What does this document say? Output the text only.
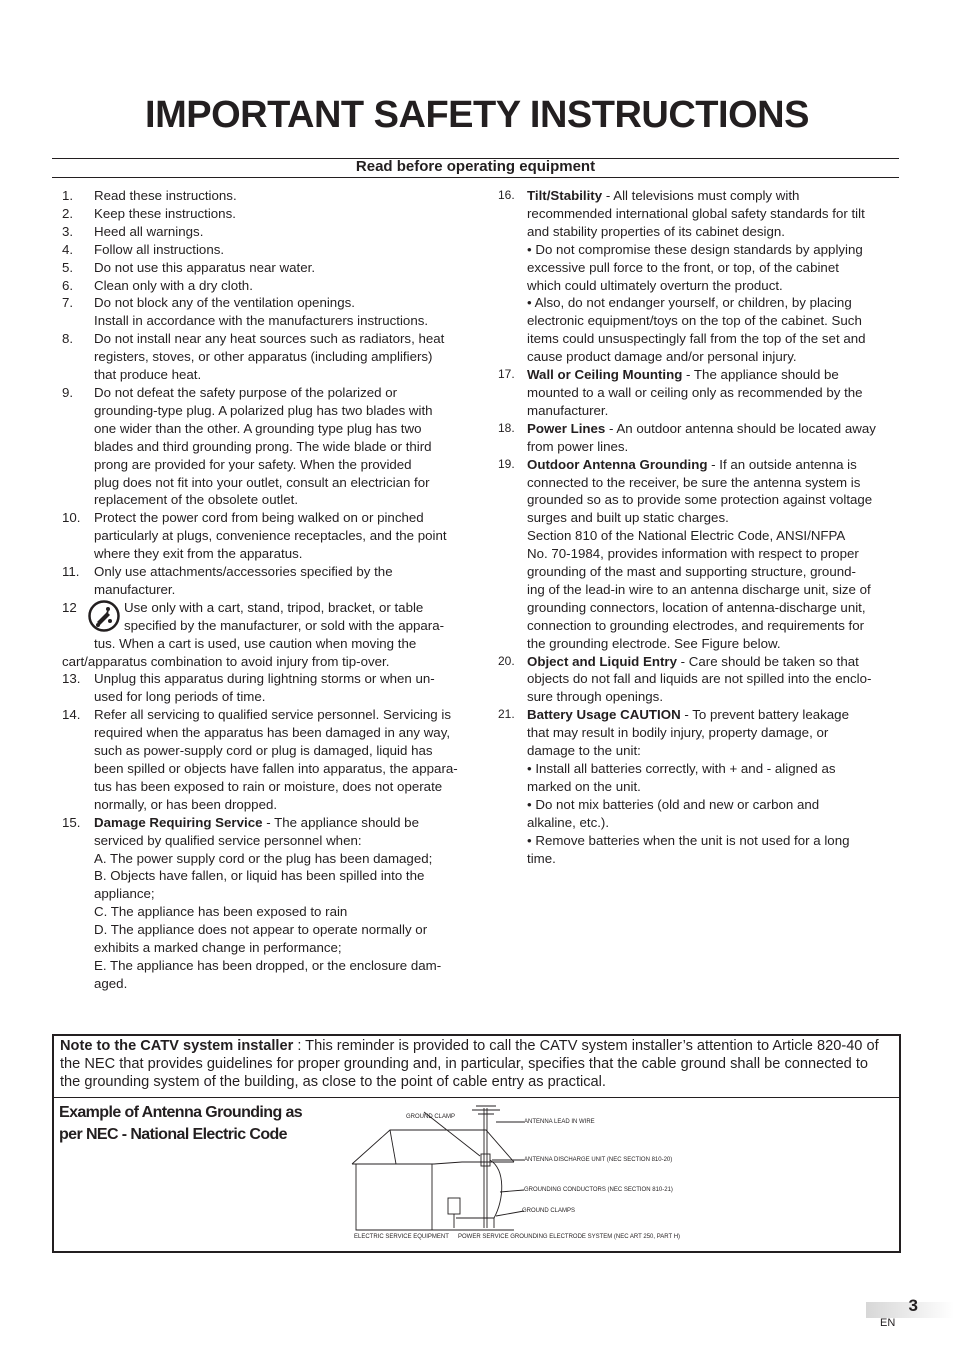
IMPORTANT SAFETY INSTRUCTIONS
Read before operating equipment
1.	Read these instructions.
2.	Keep these instructions.
3.	Heed all warnings.
4.	Follow all instructions.
5.	Do not use this apparatus near water.
6.	Clean only with a dry cloth.
7.	Do not block any of the ventilation openings.
Install in accordance with the manufacturers instructions.
8.	Do not install near any heat sources such as radiators, heat
registers, stoves, or other apparatus (including amplifiers)
that produce heat.
9.	Do not defeat the safety purpose of the polarized or
grounding-type plug. A polarized plug has two blades with
one wider than the other. A grounding type plug has two
blades and third grounding prong. The wide blade or third
prong are provided for your safety. When the provided
plug does not fit into your outlet, consult an electrician for
replacement of the obsolete outlet.
10.	Protect the power cord from being walked on or pinched
particularly at plugs, convenience receptacles, and the point
where they exit from the apparatus.
11.	Only use attachments/accessories specified by the
manufacturer.
12	Use only with a cart, stand, tripod, bracket, or table
specified by the manufacturer, or sold with the appara-
tus. When a cart is used, use caution when moving the
cart/apparatus combination to avoid injury from tip-over.
13.	Unplug this apparatus during lightning storms or when un-
used for long periods of time.
14.	Refer all servicing to qualified service personnel. Servicing is
required when the apparatus has been damaged in any way,
such as power-supply cord or plug is damaged, liquid has
been spilled or objects have fallen into apparatus, the appara-
tus has been exposed to rain or moisture, does not operate
normally, or has been dropped.
15.	Damage Requiring Service - The appliance should be
serviced by qualified service personnel when:
A. The power supply cord or the plug has been damaged;
B. Objects have fallen, or liquid has been spilled into the
appliance;
C. The appliance has been exposed to rain
D. The appliance does not appear to operate normally or
exhibits a marked change in performance;
E. The appliance has been dropped, or the enclosure dam-
aged.
16. Tilt/Stability - All televisions must comply with
recommended international global safety standards for tilt
and stability properties of its cabinet design.
• Do not compromise these design standards by applying
excessive pull force to the front, or top, of the cabinet
which could ultimately overturn the product.
• Also, do not endanger yourself, or children, by placing
electronic equipment/toys on the top of the cabinet. Such
items could unsuspectingly fall from the top of the set and
cause product damage and/or personal injury.
17. Wall or Ceiling Mounting - The appliance should be
mounted to a wall or ceiling only as recommended by the
manufacturer.
18. Power Lines - An outdoor antenna should be located away
from power lines.
19. Outdoor Antenna Grounding - If an outside antenna is
connected to the receiver, be sure the antenna system is
grounded so as to provide some protection against voltage
surges and built up static charges.
Section 810 of the National Electric Code, ANSI/NFPA
No. 70-1984, provides information with respect to proper
grounding of the mast and supporting structure, ground-
ing of the lead-in wire to an antenna discharge unit, size of
grounding connectors, location of antenna-discharge unit,
connection to grounding electrodes, and requirements for
the grounding electrode. See Figure below.
20. Object and Liquid Entry - Care should be taken so that
objects do not fall and liquids are not spilled into the enclo-
sure through openings.
21. Battery Usage CAUTION - To prevent battery leakage
that may result in bodily injury, property damage, or
damage to the unit:
• Install all batteries correctly, with + and - aligned as
marked on the unit.
• Do not mix batteries (old and new or carbon and
alkaline, etc.).
• Remove batteries when the unit is not used for a long
time.
Note to the CATV system installer : This reminder is provided to call the CATV system installer’s attention to Article 820-40 of the NEC that provides guidelines for proper grounding and, in particular, specifies that the cable ground shall be connected to the grounding system of the building, as close to the point of cable entry as practical.
Example of Antenna Grounding as per NEC - National Electric Code
GROUND CLAMP
ANTENNA LEAD IN WIRE
ANTENNA DISCHARGE UNIT (NEC SECTION 810-20)
GROUNDING CONDUCTORS (NEC SECTION 810-21)
GROUND CLAMPS
ELECTRIC SERVICE EQUIPMENT POWER SERVICE GROUNDING ELECTRODE SYSTEM (NEC ART 250, PART H)
3
EN
